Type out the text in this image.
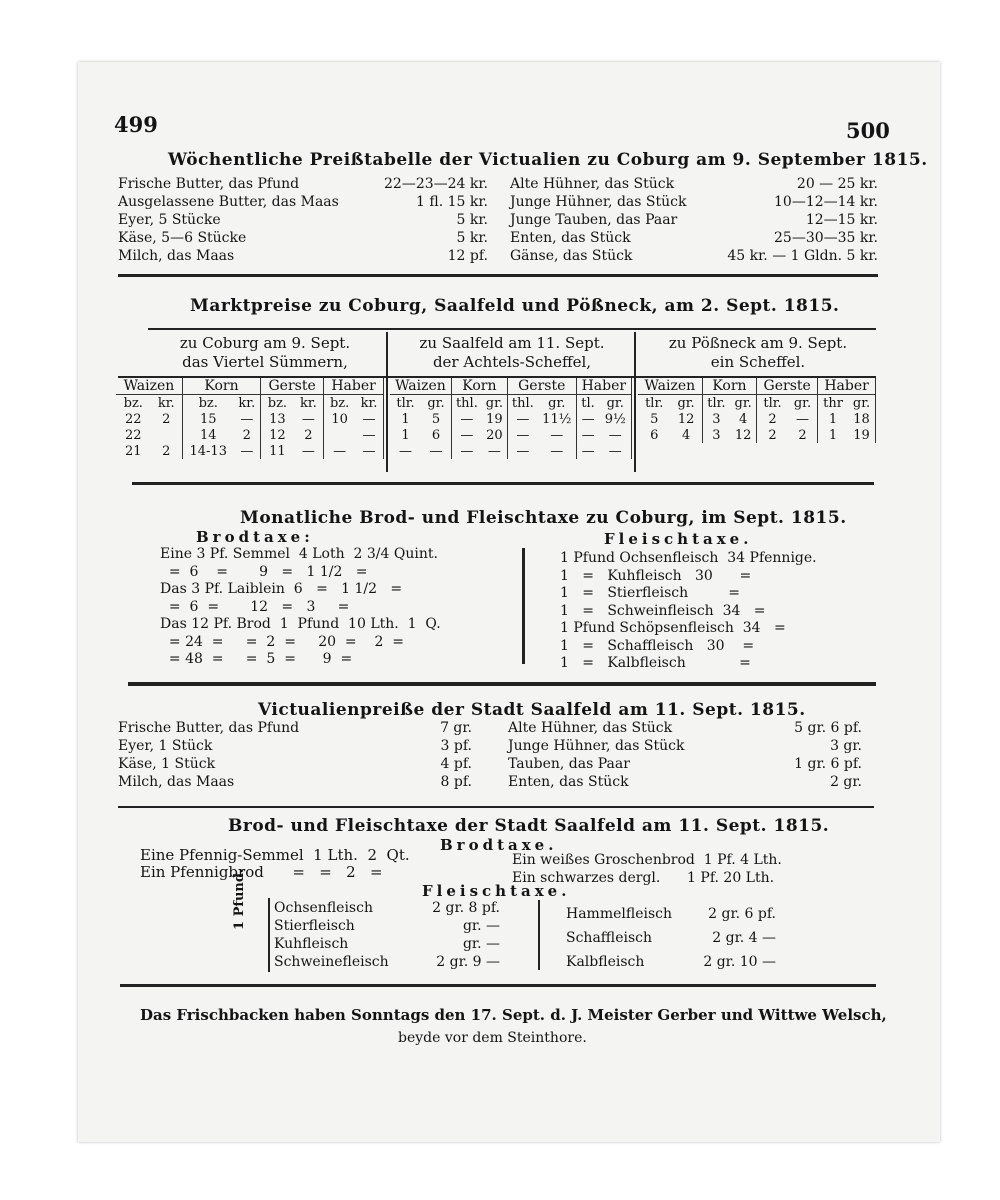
499	500
Wöchentliche Preißtabelle der Victualien zu Coburg am 9. September 1815.
Frische Butter, das Pfund	22—23—24 kr.
Ausgelassene Butter, das Maas	1 fl. 15 kr.
Eyer, 5 Stücke	5 kr.
Käse, 5—6 Stücke	5 kr.
Milch, das Maas	12 pf.
Alte Hühner, das Stück	20 — 25 kr.
Junge Hühner, das Stück	10—12—14 kr.
Junge Tauben, das Paar	12—15 kr.
Enten, das Stück	25—30—35 kr.
Gänse, das Stück	45 kr. — 1 Gldn. 5 kr.
Marktpreise zu Coburg, Saalfeld und Pößneck, am 2. Sept. 1815.
zu Coburg am 9. Sept.
das Viertel Sümmern,
zu Saalfeld am 11. Sept.
der Achtels-Scheffel,
zu Pößneck am 9. Sept.
ein Scheffel.
Waizen		Korn		Gerste		Haber	
bz.	kr.	bz.	kr.	bz.	kr.	bz.	kr.
22	2	15	—	13	—	10	—
22		14	2	12	2		—
21	2	14-13	—	11	—	—	—
Waizen		Korn		Gerste		Haber	
tlr.	gr.	thl.	gr.	thl.	gr.	tl.	gr.
1	5	—	19	—	11½	—	9½
1	6	—	20	—	—	—	—
—	—	—	—	—	—	—	—
Waizen		Korn		Gerste		Haber	
tlr.	gr.	tlr.	gr.	tlr.	gr.	thr	gr.
5	12	3	4	2	—	1	18
6	4	3	12	2	2	1	19
Monatliche Brod- und Fleischtaxe zu Coburg, im Sept. 1815.
Brodtaxe:	Fleischtaxe.
Eine 3 Pf. Semmel  4 Loth  2 3/4 Quint.
=  6    =       9   =   1 1/2   =
Das 3 Pf. Laiblein  6   =   1 1/2   =
=  6  =       12   =   3     =
Das 12 Pf. Brod  1  Pfund  10 Lth.  1  Q.
= 24  =     =  2  =     20  =    2  =
= 48  =     =  5  =      9  =
1 Pfund Ochsenfleisch  34 Pfennige.
1   =   Kuhfleisch   30      =
1   =   Stierfleisch         =
1   =   Schweinfleisch  34   =
1 Pfund Schöpsenfleisch  34   =
1   =   Schaffleisch   30    =
1   =   Kalbfleisch            =
Victualienpreiße der Stadt Saalfeld am 11. Sept. 1815.
Frische Butter, das Pfund	7 gr.
Eyer, 1 Stück	3 pf.
Käse, 1 Stück	4 pf.
Milch, das Maas	8 pf.
Alte Hühner, das Stück	5 gr. 6 pf.
Junge Hühner, das Stück	3 gr.
Tauben, das Paar	1 gr. 6 pf.
Enten, das Stück	2 gr.
Brod- und Fleischtaxe der Stadt Saalfeld am 11. Sept. 1815.
Brodtaxe.
Eine Pfennig-Semmel  1 Lth.  2  Qt.
Ein Pfennigbrod      =   =   2   =
Ein weißes Groschenbrod  1 Pf. 4 Lth.
Ein schwarzes dergl.      1 Pf. 20 Lth.
Fleischtaxe.
1 Pfund. Ochsenfleisch	2 gr. 8 pf.
Stierfleisch	gr. —
Kuhfleisch	gr. —
Schweinefleisch	2 gr. 9 —
Hammelfleisch	2 gr. 6 pf.
Schaffleisch	2 gr. 4 —
Kalbfleisch	2 gr. 10 —
Das Frischbacken haben Sonntags den 17. Sept. d. J. Meister Gerber und Wittwe Welsch,
beyde vor dem Steinthore.
